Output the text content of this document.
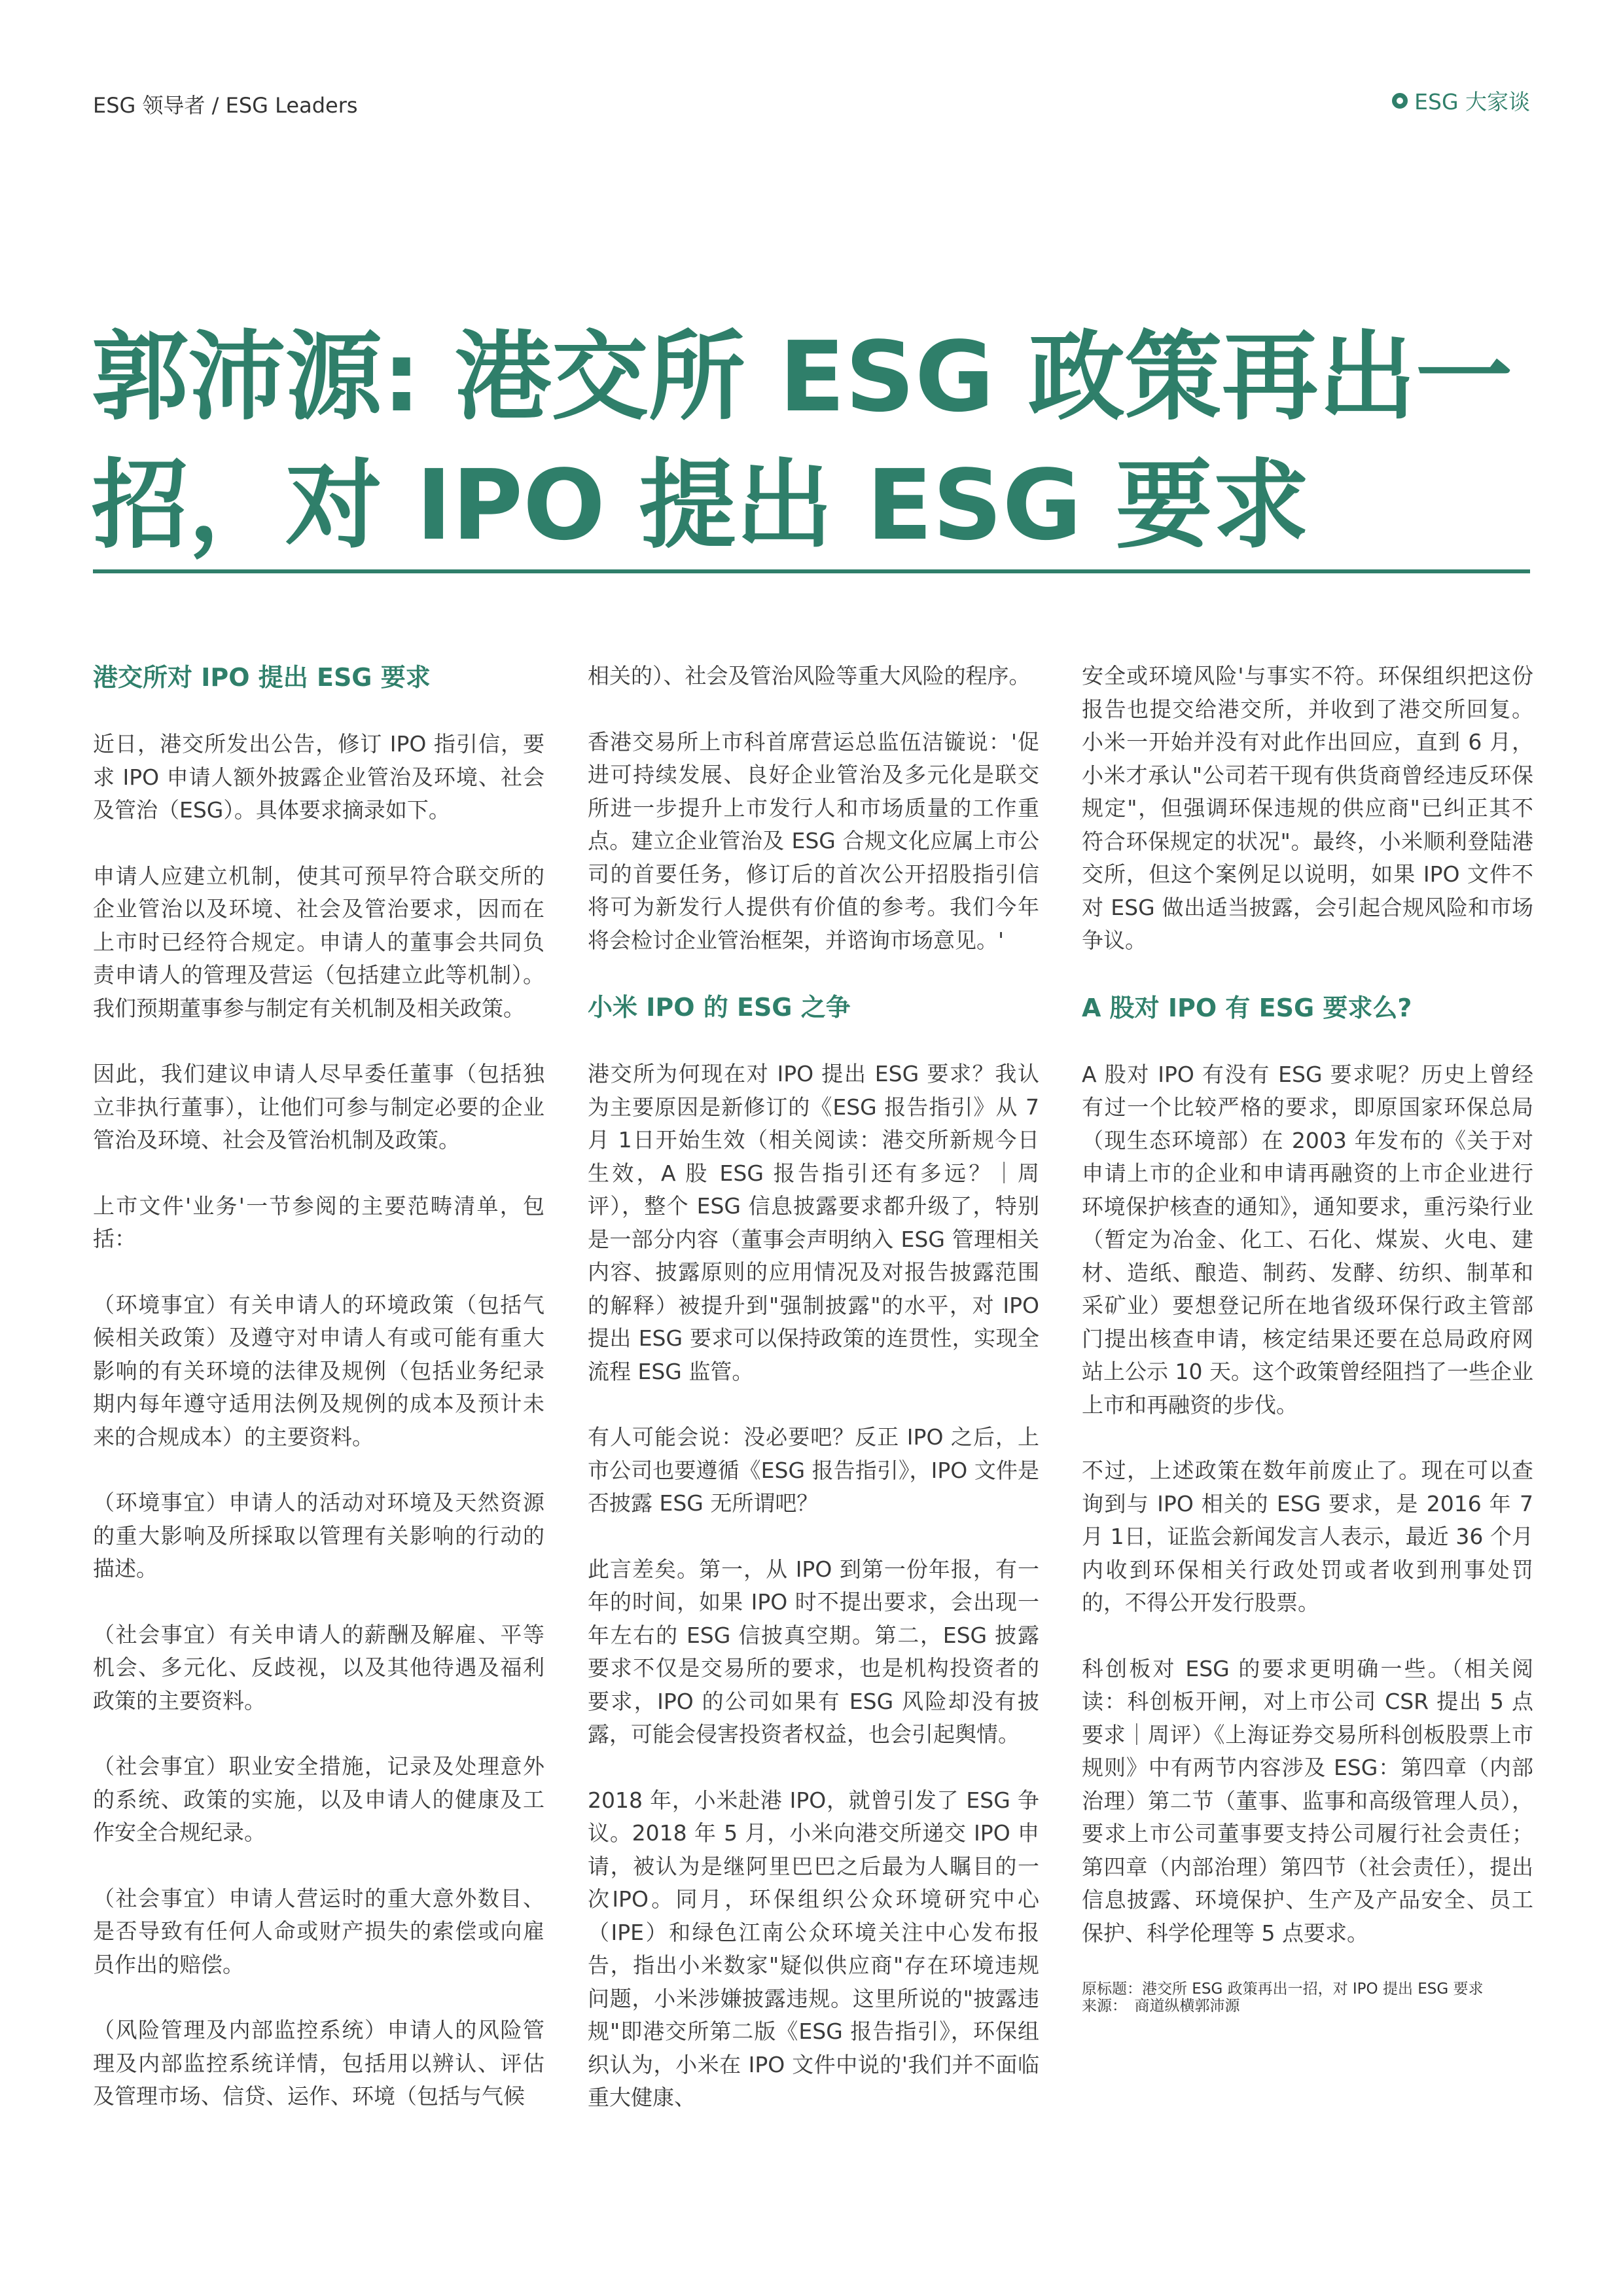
ESG 领导者 / ESG Leaders	ESG 大家谈
郭沛源: 港交所 ESG 政策再出一招，对 IPO 提出 ESG 要求
港交所对 IPO 提出 ESG 要求

近日，港交所发出公告，修订 IPO 指引信，要求 IPO 申请人额外披露企业管治及环境、社会及管治（ESG）。具体要求摘录如下。

申请人应建立机制，使其可预早符合联交所的企业管治以及环境、社会及管治要求，因而在上市时已经符合规定。申请人的董事会共同负责申请人的管理及营运（包括建立此等机制）。我们预期董事参与制定有关机制及相关政策。

因此，我们建议申请人尽早委任董事（包括独立非执行董事），让他们可参与制定必要的企业管治及环境、社会及管治机制及政策。

上市文件'业务'一节参阅的主要范畴清单，包括：

（环境事宜）有关申请人的环境政策（包括气候相关政策）及遵守对申请人有或可能有重大影响的有关环境的法律及规例（包括业务纪录期内每年遵守适用法例及规例的成本及预计未来的合规成本）的主要资料。

（环境事宜）申请人的活动对环境及天然资源的重大影响及所採取以管理有关影响的行动的描述。

（社会事宜）有关申请人的薪酬及解雇、平等机会、多元化、反歧视，以及其他待遇及福利政策的主要资料。

（社会事宜）职业安全措施，记录及处理意外的系统、政策的实施，以及申请人的健康及工作安全合规纪录。

（社会事宜）申请人营运时的重大意外数目、是否导致有任何人命或财产损失的索偿或向雇员作出的赔偿。

（风险管理及内部监控系统）申请人的风险管理及内部监控系统详情，包括用以辨认、评估及管理市场、信贷、运作、环境（包括与气候

相关的）、社会及管治风险等重大风险的程序。

香港交易所上市科首席营运总监伍洁镟说：'促进可持续发展、良好企业管治及多元化是联交所进一步提升上市发行人和市场质量的工作重点。建立企业管治及 ESG 合规文化应属上市公司的首要任务，修订后的首次公开招股指引信将可为新发行人提供有价值的参考。我们今年将会检讨企业管治框架，并谘询市场意见。'

小米 IPO 的 ESG 之争

港交所为何现在对 IPO 提出 ESG 要求？我认为主要原因是新修订的《ESG 报告指引》从 7 月 1日开始生效（相关阅读：港交所新规今日生效，A 股 ESG 报告指引还有多远？｜周评），整个 ESG 信息披露要求都升级了，特别是一部分内容（董事会声明纳入 ESG 管理相关内容、披露原则的应用情况及对报告披露范围的解释）被提升到"强制披露"的水平，对 IPO 提出 ESG 要求可以保持政策的连贯性，实现全流程 ESG 监管。

有人可能会说：没必要吧？反正 IPO 之后，上市公司也要遵循《ESG 报告指引》，IPO 文件是否披露 ESG 无所谓吧？

此言差矣。第一，从 IPO 到第一份年报，有一年的时间，如果 IPO 时不提出要求，会出现一年左右的 ESG 信披真空期。第二，ESG 披露要求不仅是交易所的要求，也是机构投资者的要求，IPO 的公司如果有 ESG 风险却没有披露，可能会侵害投资者权益，也会引起舆情。

2018 年，小米赴港 IPO，就曾引发了 ESG 争议。2018 年 5 月，小米向港交所递交 IPO 申请，被认为是继阿里巴巴之后最为人瞩目的一次IPO。同月，环保组织公众环境研究中心（IPE）和绿色江南公众环境关注中心发布报告，指出小米数家"疑似供应商"存在环境违规问题，小米涉嫌披露违规。这里所说的"披露违规"即港交所第二版《ESG 报告指引》，环保组织认为，小米在 IPO 文件中说的'我们并不面临重大健康、

安全或环境风险'与事实不符。环保组织把这份报告也提交给港交所，并收到了港交所回复。小米一开始并没有对此作出回应，直到 6 月，小米才承认"公司若干现有供货商曾经违反环保规定"，但强调环保违规的供应商"已纠正其不符合环保规定的状况"。最终，小米顺利登陆港交所，但这个案例足以说明，如果 IPO 文件不对 ESG 做出适当披露，会引起合规风险和市场争议。

A 股对 IPO 有 ESG 要求么?

A 股对 IPO 有没有 ESG 要求呢？历史上曾经有过一个比较严格的要求，即原国家环保总局（现生态环境部）在 2003 年发布的《关于对申请上市的企业和申请再融资的上市企业进行环境保护核查的通知》，通知要求，重污染行业（暂定为冶金、化工、石化、煤炭、火电、建材、造纸、酿造、制药、发酵、纺织、制革和采矿业）要想登记所在地省级环保行政主管部门提出核查申请，核定结果还要在总局政府网站上公示 10 天。这个政策曾经阻挡了一些企业上市和再融资的步伐。

不过，上述政策在数年前废止了。现在可以查询到与 IPO 相关的 ESG 要求，是 2016 年 7 月 1日，证监会新闻发言人表示，最近 36 个月内收到环保相关行政处罚或者收到刑事处罚的，不得公开发行股票。

科创板对 ESG 的要求更明确一些。（相关阅读：科创板开闸，对上市公司 CSR 提出 5 点要求｜周评）《上海证券交易所科创板股票上市规则》中有两节内容涉及 ESG：第四章（内部治理）第二节（董事、监事和高级管理人员），要求上市公司董事要支持公司履行社会责任；第四章（内部治理）第四节（社会责任），提出信息披露、环境保护、生产及产品安全、员工保护、科学伦理等 5 点要求。

原标题：港交所 ESG 政策再出一招，对 IPO 提出 ESG 要求
来源：　商道纵横郭沛源
